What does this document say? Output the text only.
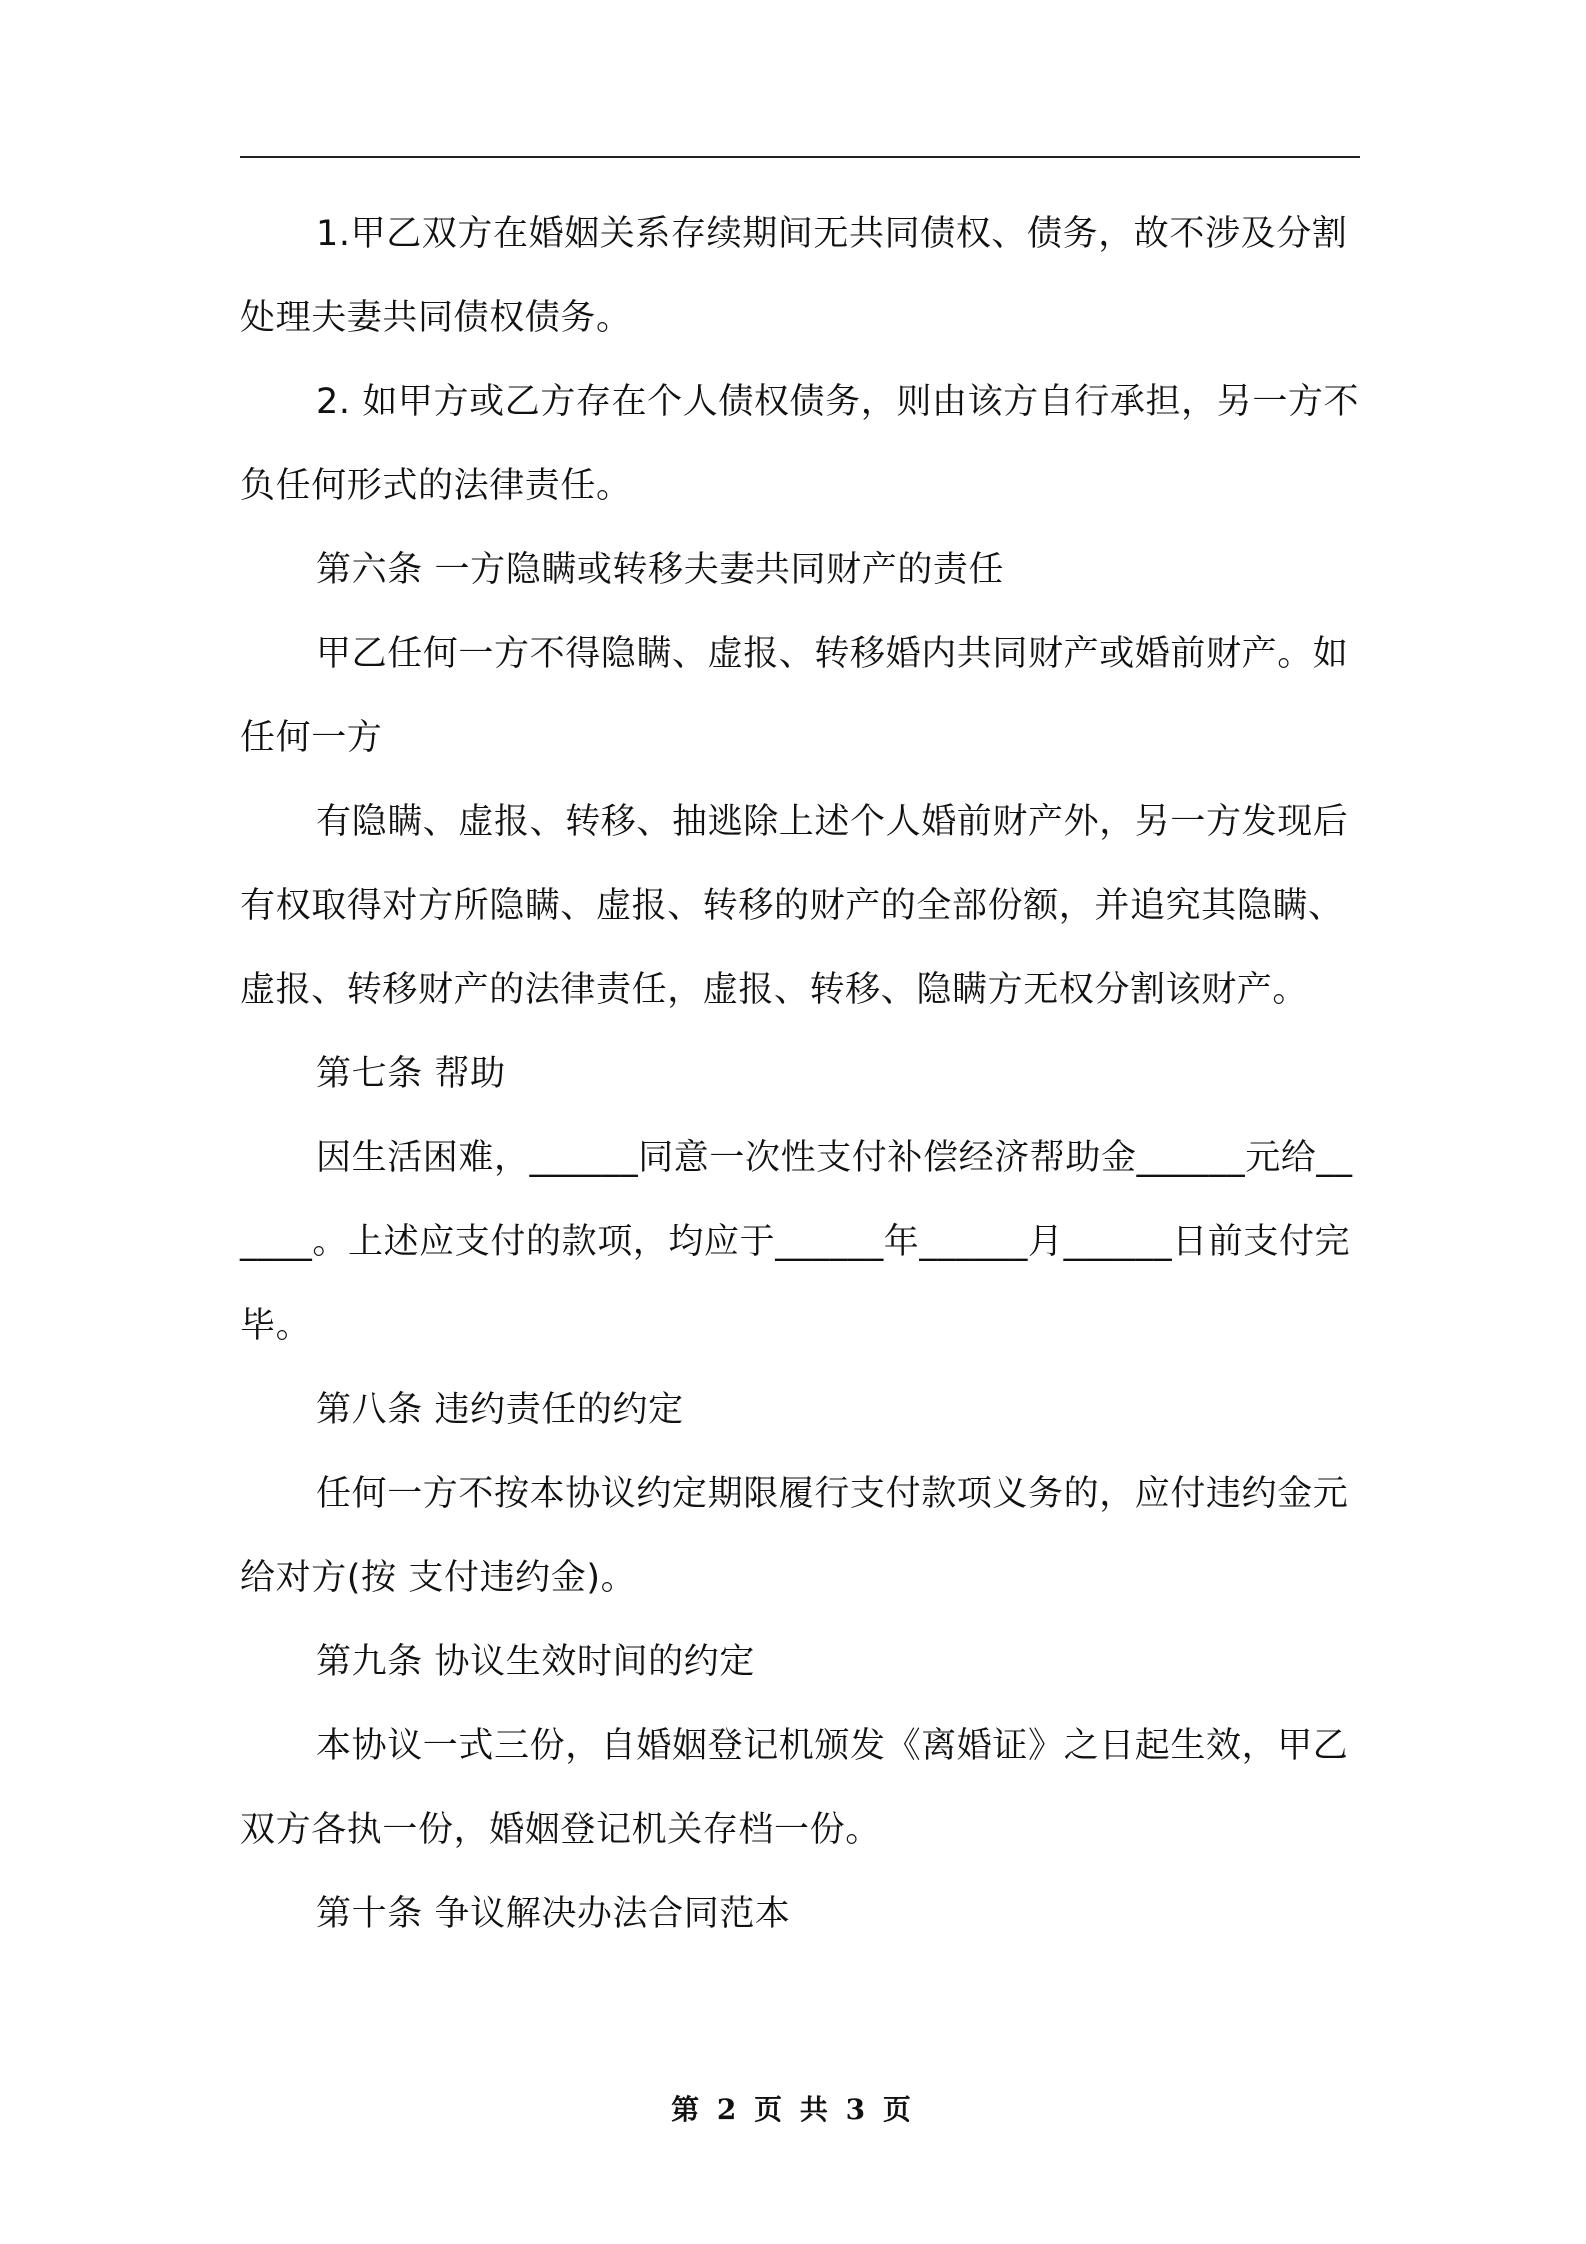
1.甲乙双方在婚姻关系存续期间无共同债权、债务，故不涉及分割处理夫妻共同债权债务。

2. 如甲方或乙方存在个人债权债务，则由该方自行承担，另一方不负任何形式的法律责任。

第六条 一方隐瞒或转移夫妻共同财产的责任

甲乙任何一方不得隐瞒、虚报、转移婚内共同财产或婚前财产。如任何一方

有隐瞒、虚报、转移、抽逃除上述个人婚前财产外，另一方发现后有权取得对方所隐瞒、虚报、转移的财产的全部份额，并追究其隐瞒、虚报、转移财产的法律责任，虚报、转移、隐瞒方无权分割该财产。

第七条 帮助

因生活困难，______同意一次性支付补偿经济帮助金______元给______。上述应支付的款项，均应于______年______月______日前支付完毕。

第八条 违约责任的约定

任何一方不按本协议约定期限履行支付款项义务的，应付违约金元给对方(按 支付违约金)。

第九条 协议生效时间的约定

本协议一式三份，自婚姻登记机颁发《离婚证》之日起生效，甲乙双方各执一份，婚姻登记机关存档一份。

第十条 争议解决办法合同范本

第 2 页 共 3 页
